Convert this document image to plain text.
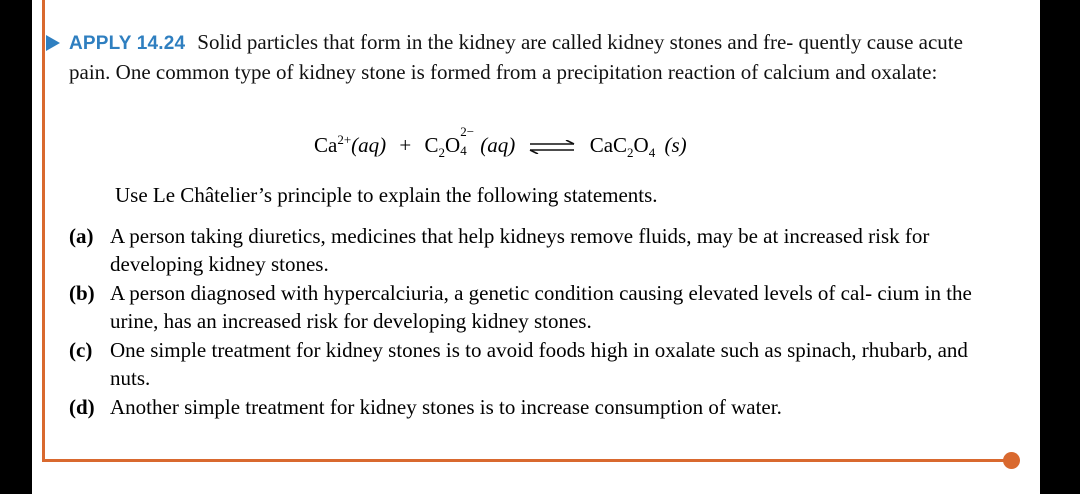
APPLY 14.24 Solid particles that form in the kidney are called kidney stones and fre- quently cause acute pain. One common type of kidney stone is formed from a precipitation reaction of calcium and oxalate:

$Ca^{2+}(aq) + C_2O$
2−
4 (aq) ⇌ $CaC_2O_4$ (s)
Use Le Châtelier’s principle to explain the following statements.
(a) A person taking diuretics, medicines that help kidneys remove fluids, may be at increased risk for developing kidney stones.
(b) A person diagnosed with hypercalciuria, a genetic condition causing elevated levels of cal- cium in the urine, has an increased risk for developing kidney stones.
(c) One simple treatment for kidney stones is to avoid foods high in oxalate such as spinach, rhubarb, and nuts.
(d) Another simple treatment for kidney stones is to increase consumption of water.
